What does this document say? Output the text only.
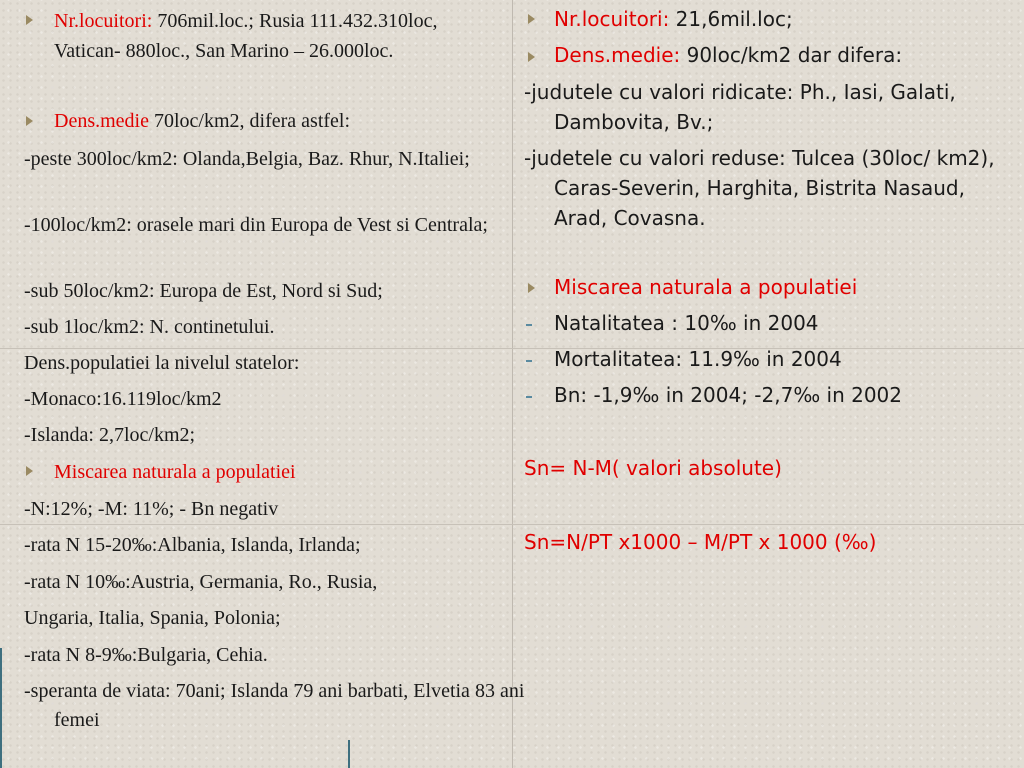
Nr.locuitori: 706mil.loc.; Rusia 111.432.310loc, Vatican- 880loc., San Marino – 26.000loc.
Dens.medie 70loc/km2, difera astfel:
-peste 300loc/km2: Olanda,Belgia, Baz. Rhur, N.Italiei;
-100loc/km2: orasele mari din Europa de Vest si Centrala;
-sub 50loc/km2: Europa de Est, Nord si Sud;
-sub 1loc/km2: N. continetului.
Dens.populatiei la nivelul statelor:
-Monaco:16.119loc/km2
-Islanda: 2,7loc/km2;
Miscarea naturala a populatiei
-N:12%; -M: 11%; - Bn negativ
-rata N 15-20‰:Albania, Islanda, Irlanda;
-rata N 10‰:Austria, Germania, Ro., Rusia,
Ungaria, Italia, Spania, Polonia;
-rata N 8-9‰:Bulgaria, Cehia.
-speranta de viata: 70ani; Islanda 79 ani barbati, Elvetia 83 ani femei
Nr.locuitori: 21,6mil.loc;
Dens.medie: 90loc/km2 dar difera:
-judutele cu valori ridicate: Ph., Iasi, Galati, Dambovita, Bv.;
-judetele cu valori reduse: Tulcea (30loc/ km2), Caras-Severin, Harghita, Bistrita Nasaud, Arad, Covasna.
Miscarea naturala a populatiei
Natalitatea : 10‰ in 2004
Mortalitatea: 11.9‰ in 2004
Bn: -1,9‰ in 2004; -2,7‰ in 2002
Sn= N-M( valori absolute)
Sn=N/PT x1000 – M/PT x 1000 (‰)
